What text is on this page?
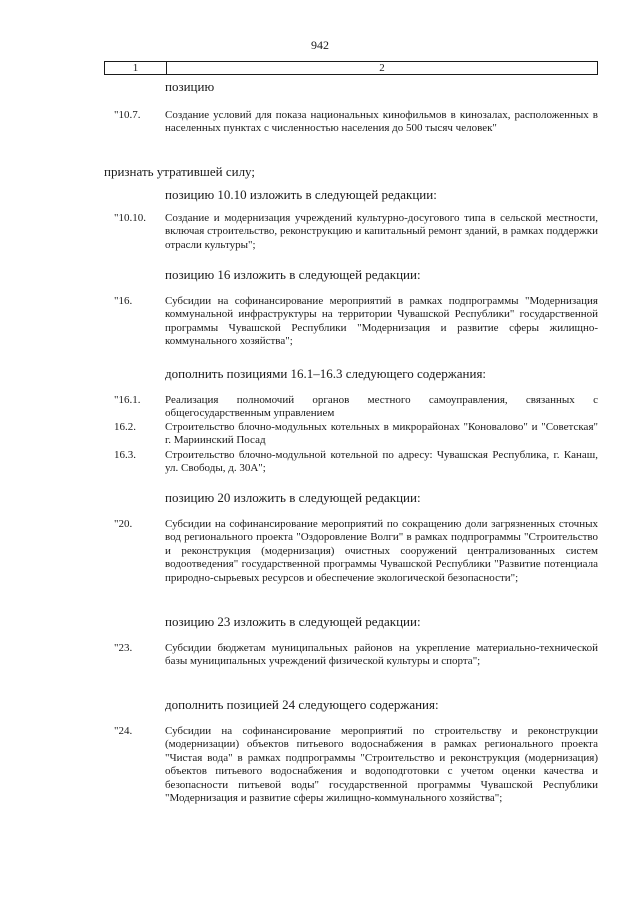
942
1	2
позицию
"10.7. Создание условий для показа национальных кинофильмов в кинозалах, расположенных в населенных пунктах с численностью населения до 500 тысяч человек"
признать утратившей силу;
позицию 10.10 изложить в следующей редакции:
"10.10. Создание и модернизация учреждений культурно-досугового типа в сельской местности, включая строительство, реконструкцию и капитальный ремонт зданий, в рамках поддержки отрасли культуры";
позицию 16 изложить в следующей редакции:
"16.	Субсидии на софинансирование мероприятий в рамках подпрограммы "Модернизация коммунальной инфраструктуры на территории Чувашской Республики" государственной программы Чувашской Республики "Модернизация и развитие сферы жилищно-коммунального хозяйства";
дополнить позициями 16.1–16.3 следующего содержания:
"16.1. Реализация полномочий органов местного самоуправления, связанных с общегосударственным управлением
16.2.	Строительство блочно-модульных котельных в микрорайонах "Коновалово" и "Советская" г. Мариинский Посад
16.3.	Строительство блочно-модульной котельной по адресу: Чувашская Республика, г. Канаш, ул. Свободы, д. 30А";
позицию 20 изложить в следующей редакции:
"20.	Субсидии на софинансирование мероприятий по сокращению доли загрязненных сточных вод регионального проекта "Оздоровление Волги" в рамках подпрограммы "Строительство и реконструкция (модернизация) очистных сооружений централизованных систем водоотведения" государственной программы Чувашской Республики "Развитие потенциала природно-сырьевых ресурсов и обеспечение экологической безопасности";
позицию 23 изложить в следующей редакции:
"23.	Субсидии бюджетам муниципальных районов на укрепление материально-технической базы муниципальных учреждений физической культуры и спорта";
дополнить позицией 24 следующего содержания:
"24.	Субсидии на софинансирование мероприятий по строительству и реконструкции (модернизации) объектов питьевого водоснабжения в рамках регионального проекта "Чистая вода" в рамках подпрограммы "Строительство и реконструкция (модернизация) объектов питьевого водоснабжения и водоподготовки с учетом оценки качества и безопасности питьевой воды" государственной программы Чувашской Республики "Модернизация и развитие сферы жилищно-коммунального хозяйства";
